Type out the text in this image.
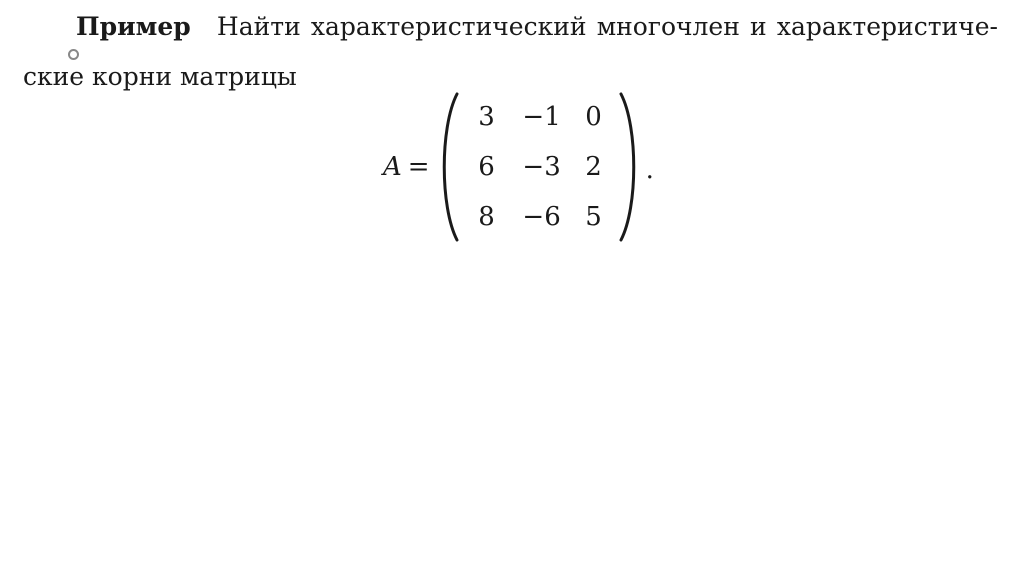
Пример Найти характеристический многочлен и характеристиче-
ские корни матрицы
A =
3 −1 0
6 −3 2
8 −6 5
.
